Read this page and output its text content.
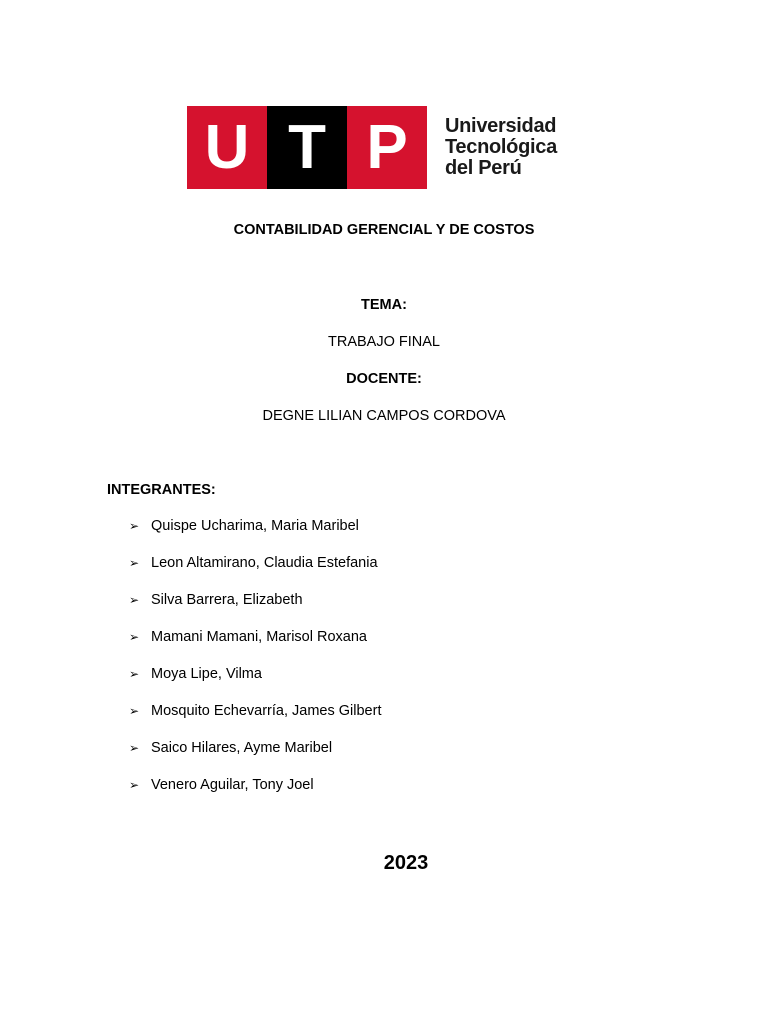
U T P	Universidad
Tecnológica
del Perú
CONTABILIDAD GERENCIAL Y DE COSTOS
TEMA:
TRABAJO FINAL
DOCENTE:
DEGNE LILIAN CAMPOS CORDOVA
INTEGRANTES:
➢ Quispe Ucharima, Maria Maribel
➢ Leon Altamirano, Claudia Estefania
➢ Silva Barrera, Elizabeth
➢ Mamani Mamani, Marisol Roxana
➢ Moya Lipe, Vilma
➢ Mosquito Echevarría, James Gilbert
➢ Saico Hilares, Ayme Maribel
➢ Venero Aguilar, Tony Joel
2023
